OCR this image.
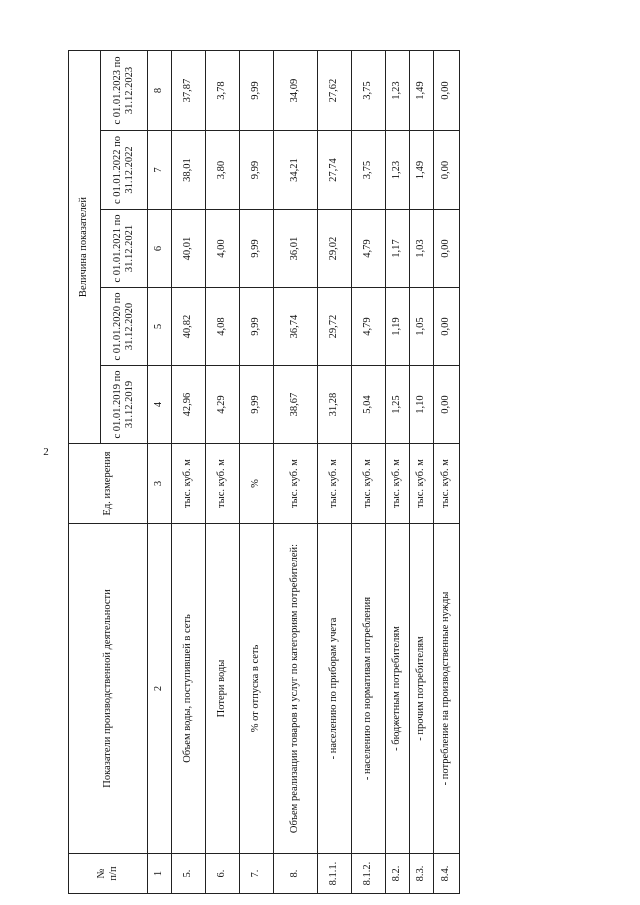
2
№
п/п	Показатели производственной деятельности	Ед. измерения	Величина показателей				
			с 01.01.2019 по 31.12.2019	с 01.01.2020 по 31.12.2020	с 01.01.2021 по 31.12.2021	с 01.01.2022 по 31.12.2022	с 01.01.2023 по 31.12.2023
1	2	3	4	5	6	7	8
5.	Объем воды, поступившей в сеть	тыс. куб. м	42,96	40,82	40,01	38,01	37,87
6.	Потери воды	тыс. куб. м	4,29	4,08	4,00	3,80	3,78
7.	% от отпуска в сеть	%	9,99	9,99	9,99	9,99	9,99
8.	Объем реализации товаров и услуг по категориям потребителей:	тыс. куб. м	38,67	36,74	36,01	34,21	34,09
8.1.1.	- населению по приборам учета	тыс. куб. м	31,28	29,72	29,02	27,74	27,62
8.1.2.	- населению по нормативам потребления	тыс. куб. м	5,04	4,79	4,79	3,75	3,75
8.2.	- бюджетным потребителям	тыс. куб. м	1,25	1,19	1,17	1,23	1,23
8.3.	- прочим потребителям	тыс. куб. м	1,10	1,05	1,03	1,49	1,49
8.4.	- потребление на производственные нужды	тыс. куб. м	0,00	0,00	0,00	0,00	0,00
